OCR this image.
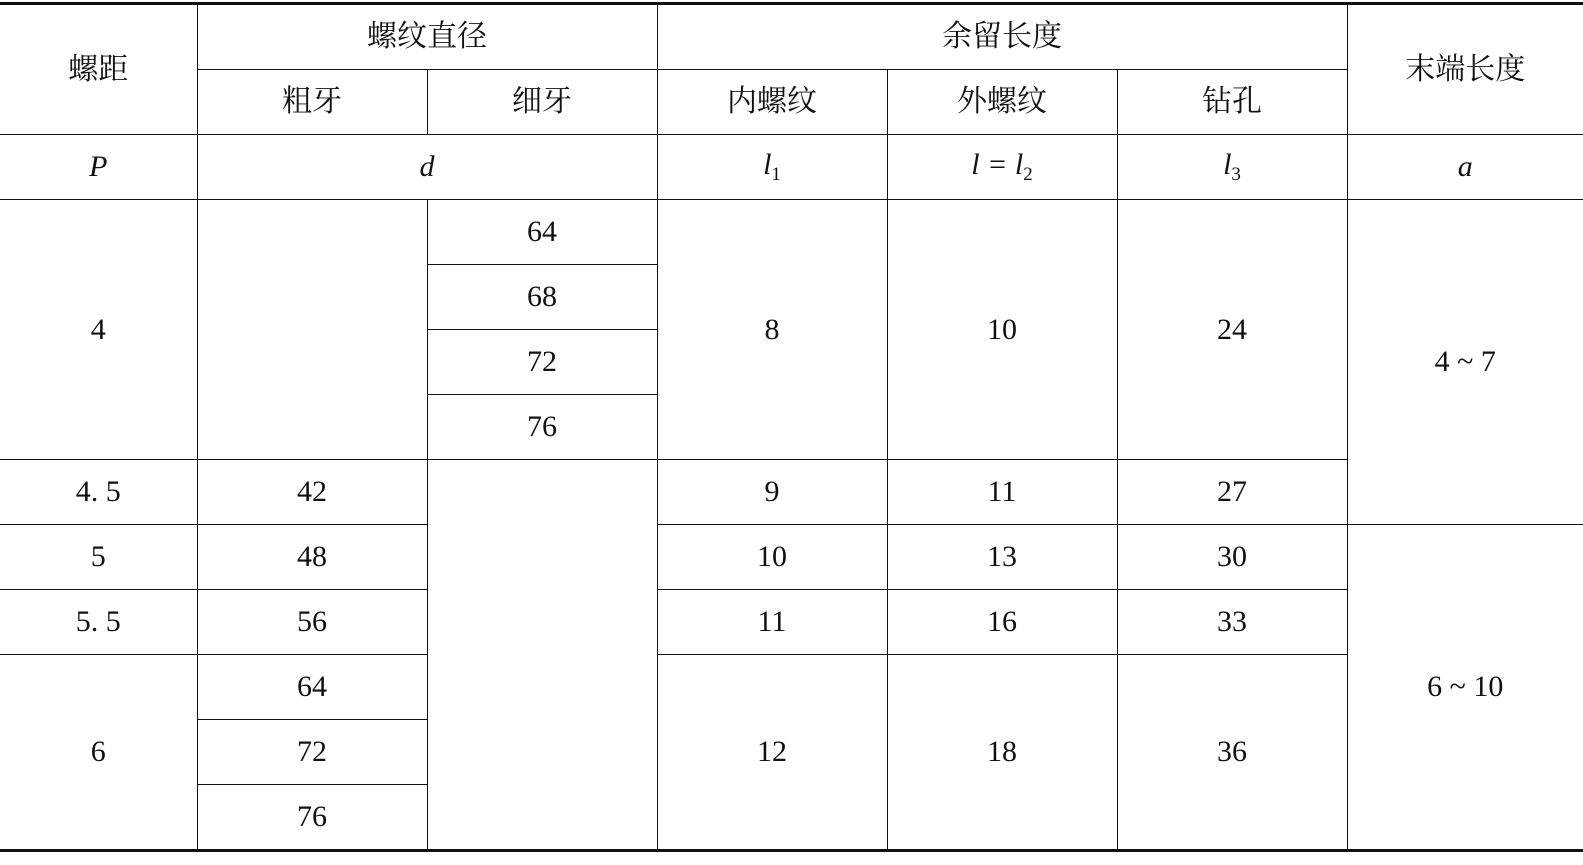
螺距	螺纹直径		余留长度			末端长度
	粗牙	细牙	内螺纹	外螺纹	钻孔	
P	d		$l_1$	$l = l_2$	$l_3$	a
4		64	8	10	24	4 ~ 7
		68				
		72				
		76				
4. 5	42		9	11	27	
5	48		10	13	30	6 ~ 10
5. 5	56		11	16	33	
6	64		12	18	36	
	72					
	76					
